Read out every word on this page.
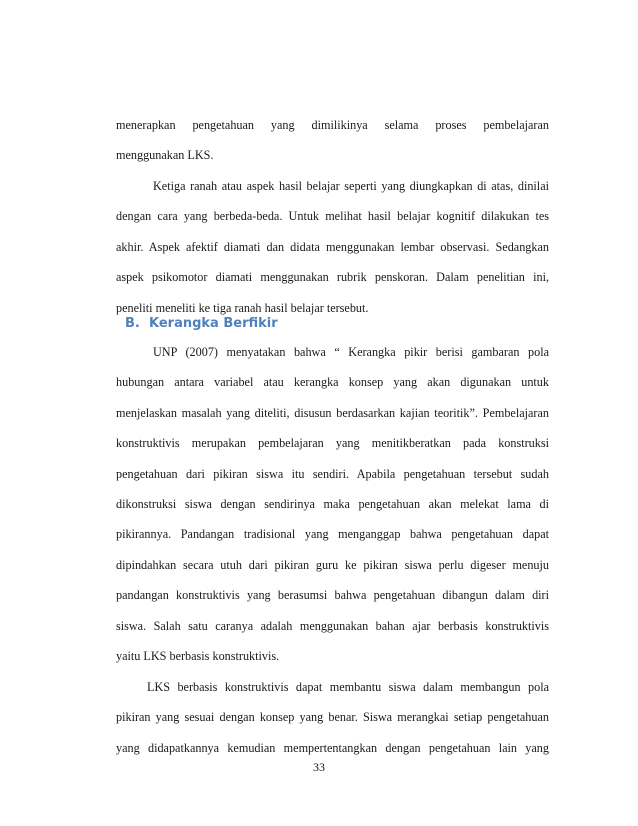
menerapkan pengetahuan yang dimilikinya selama proses pembelajaran
menggunakan LKS.
Ketiga ranah atau aspek hasil belajar seperti yang diungkapkan di atas, dinilai
dengan cara yang berbeda-beda. Untuk melihat hasil belajar kognitif dilakukan tes
akhir. Aspek afektif diamati dan didata menggunakan lembar observasi. Sedangkan
aspek psikomotor diamati menggunakan rubrik penskoran. Dalam penelitian ini,
peneliti meneliti ke tiga ranah hasil belajar tersebut.
B. Kerangka Berfikir
UNP (2007) menyatakan bahwa “ Kerangka pikir berisi gambaran pola
hubungan antara variabel atau kerangka konsep yang akan digunakan untuk
menjelaskan masalah yang diteliti, disusun berdasarkan kajian teoritik”. Pembelajaran
konstruktivis merupakan pembelajaran yang menitikberatkan pada konstruksi
pengetahuan dari pikiran siswa itu sendiri. Apabila pengetahuan tersebut sudah
dikonstruksi siswa dengan sendirinya maka pengetahuan akan melekat lama di
pikirannya. Pandangan tradisional yang menganggap bahwa pengetahuan dapat
dipindahkan secara utuh dari pikiran guru ke pikiran siswa perlu digeser menuju
pandangan konstruktivis yang berasumsi bahwa pengetahuan dibangun dalam diri
siswa. Salah satu caranya adalah menggunakan bahan ajar berbasis konstruktivis
yaitu LKS berbasis konstruktivis.
LKS berbasis konstruktivis dapat membantu siswa dalam membangun pola
pikiran yang sesuai dengan konsep yang benar. Siswa merangkai setiap pengetahuan
yang didapatkannya kemudian mempertentangkan dengan pengetahuan lain yang
33
